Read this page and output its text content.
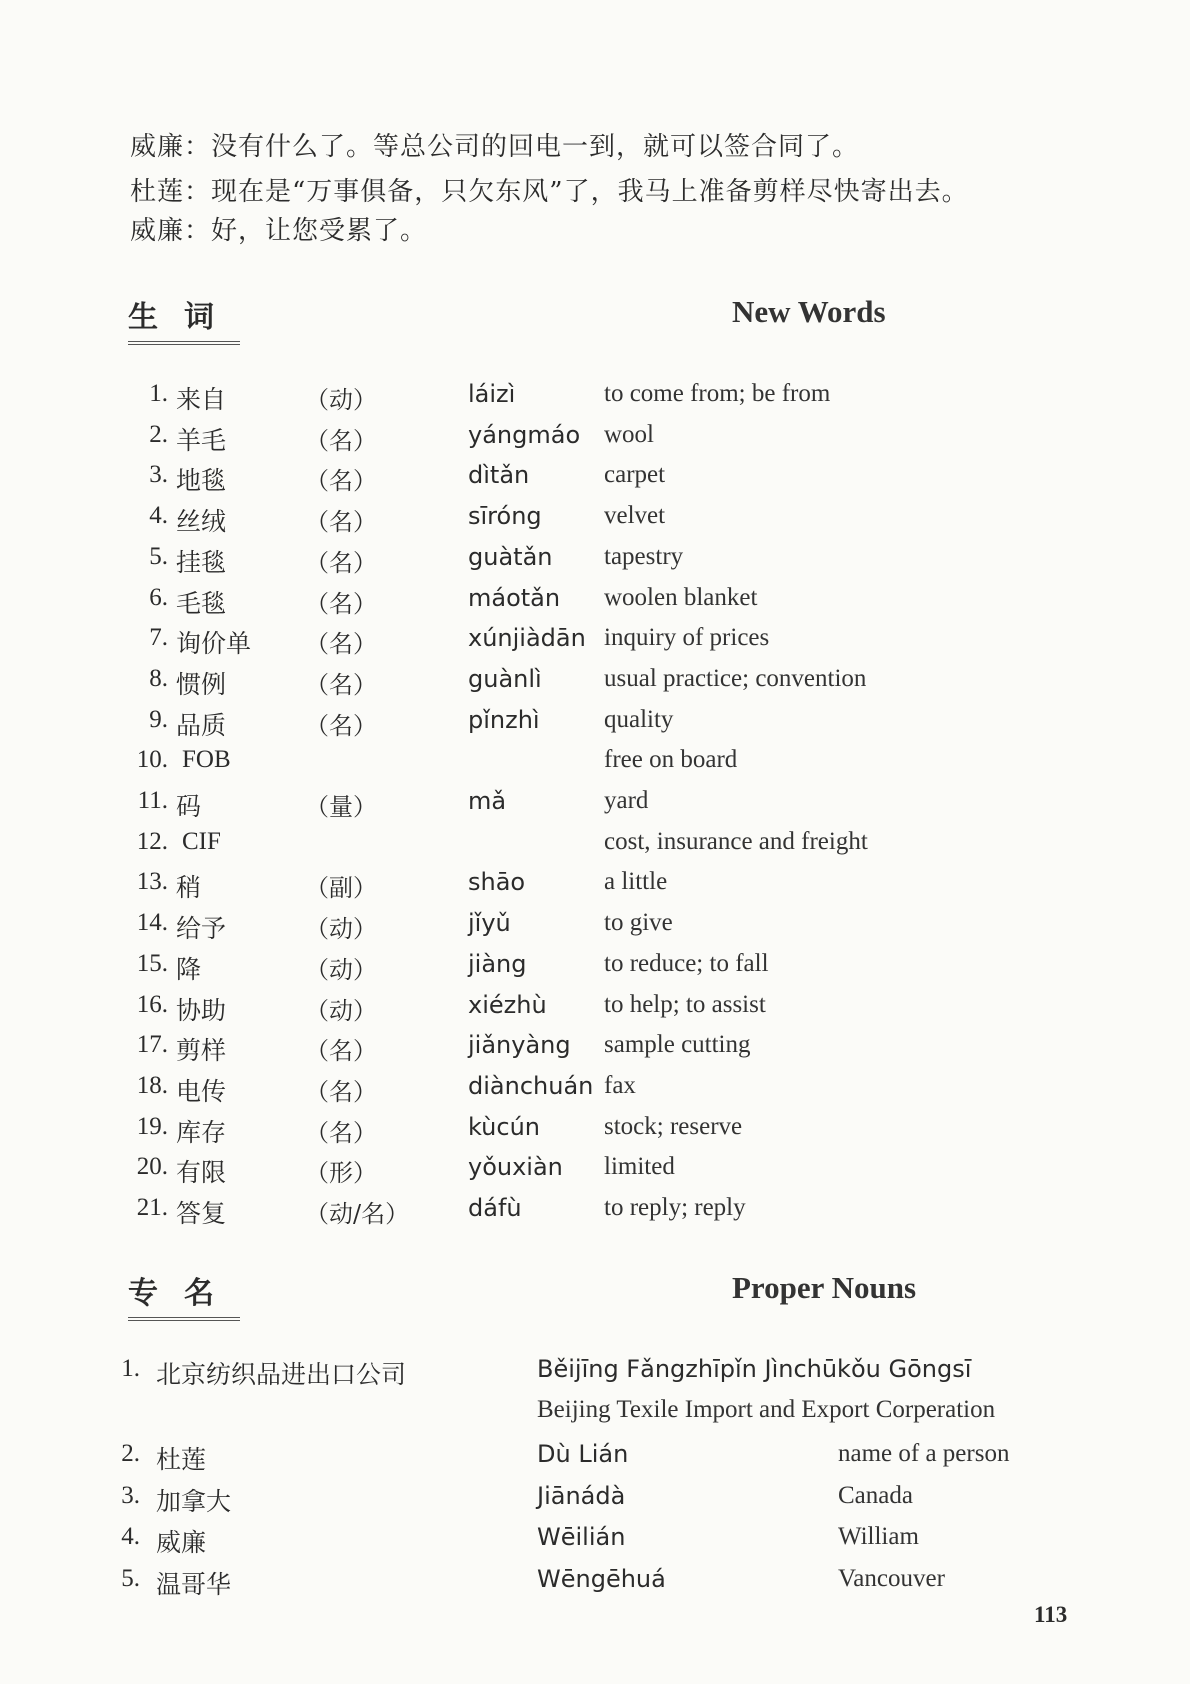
威廉：没有什么了。等总公司的回电一到，就可以签合同了。
杜莲：现在是“万事俱备，只欠东风”了，我马上准备剪样尽快寄出去。
威廉：好，让您受累了。
生词	New Words
1. 来自	（动）	láizì	to come from; be from
2. 羊毛	（名）	yángmáo wool
3. 地毯	（名）	dìtǎn	carpet
4. 丝绒	（名）	sīróng velvet
5. 挂毯	（名）	guàtǎn tapestry
6. 毛毯	（名）	máotǎn woolen blanket
7. 询价单 （名）	xúnjiàdān inquiry of prices
8. 惯例	（名）	guànlì usual practice; convention
9. 品质	（名）	pǐnzhì	quality
10. FOB	free on board
11. 码	（量）	mǎ	yard
12. CIF	cost, insurance and freight
13. 稍	（副）	shāo	a little
14. 给予	（动）	jǐyǔ	to give
15. 降	（动）	jiàng	to reduce; to fall
16. 协助	（动）	xiézhù to help; to assist
17. 剪样	（名）	jiǎnyàng sample cutting
18. 电传	（名）	diànchuán fax
19. 库存	（名）	kùcún	stock; reserve
20. 有限	（形）	yǒuxiàn limited
21. 答复	（动/名） dáfù	to reply; reply
专名	Proper Nouns
1. 北京纺织品进出口公司	Běijīng Fǎngzhīpǐn Jìnchūkǒu Gōngsī
Beijing Texile Import and Export Corperation
2. 杜莲	Dù Lián	name of a person
3. 加拿大	Jiānádà	Canada
4. 威廉	Wēilián	William
5. 温哥华	Wēngēhuá	Vancouver
113
